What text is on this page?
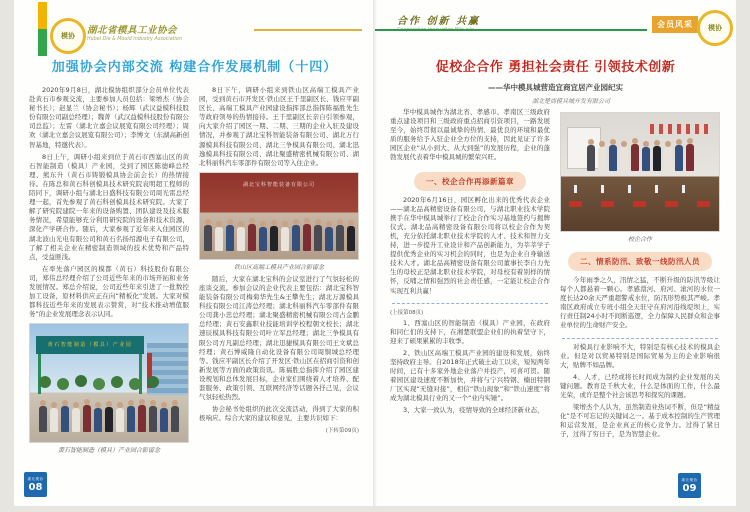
模协 湖北省模具工业协会
Hubei Die & Mould Industry Association
加强协会内部交流 构建合作发展机制（十四）

2020年9月8日，湖北模协组织部分会员单位代表赴黄石市参观交流，主要参加人员包括：梁增杰（协会秘书长）；赵显兰（协会秘书）；杨辉（武汉益模科技股份有限公司副总经理）；魏菁（武汉益模科技股份有限公司总监）；左雷（湖北立嘉会议展览有限公司经理）；周欢（湖北立嘉会议展览有限公司）；李博文（东湖高新创智基地，特邀代表）。

8日上午，调研小组来到位于黄石市西塞山区的黄石智能制造（模具）产业园，受到了园区陈德峰总经理、熊东升（黄石市铸锻模具协会前会长）的热情接待。在陈总和黄石科创模具技术研究院袁明超工程师的陪同下，调研小组与湖北日盛科技有限公司周光雷总经理一起，首先参观了黄石科创模具技术研究院。大家了解了研究院建院一年来的设备购置、团队建设及技术服务情况，希望能够充分利用研究院的设备和技术资源，深化产学研合作。随后，大家参观了近年来入住园区的湖北波山光电有限公司和黄石名扬绍源电子有限公司，了解了相关企业在精密制造领域的技术优势和产品特点，受益匪浅。

在率先落户园区的模都（黄石）科技股份有限公司，郑伟总经理介绍了公司近些年来的市场开拓和业务发展情况。郑总介绍说，公司近些年来引进了一批数控加工设备，原材料供应正在向“精板化”发展。大家对模都科技近些年来的发展表示赞赏，对“技术推动增值服务”的企业发展理念表示认同。

黄石智能制造（模具）产业园
黄石智能制造（模具）产业园合影留念

8日下午，调研小组来到铁山区高端工模具产业园，受到黄石市开发区·铁山区王千里副区长、钱应平副区长、高端工模具产业园建设指挥部总指挥陈福胜先生等政府领导的热情接待。王千里副区长亲自引领参观，向大家介绍了园区一期、二期、三期的企业入驻及建设情况，并参观了湖北宝科智能装备有限公司、湖北万行源模具科技有限公司、湖北三争模具有限公司、湖北迅逸模具科技有限公司、湖北聚盛精密机械有限公司、湖北科丽科汽车零部件有限公司等入住企业。

湖北宝科智能装备有限公司
铁山区高端工模具产业园合影留念

随后，大家在湖北宝科的会议室进行了气氛轻松的座谈交流。参加会议的企业代表主要包括：湖北宝科智能装备有限公司梅菊华先生&王攀先生；湖北万源模具科技有限公司江涛总经理；湖北科丽科汽车零部件有限公司龚小忠总经理；湖北聚盛精密机械有限公司占金鹏总经理；黄石安鑫职业技能培训学校程朝文校长；湖北速辰模具科技有限公司叶立军总经理；湖北三争模具有限公司方凡副总经理；湖北迅捷模具有限公司王文斌总经理；黄石博威隆自动化设备有限公司周铜城总经理等。钱应平副区长介绍了开发区·铁山区在招商引资和创新发展等方面的政策资讯。陈福胜总指挥介绍了园区建设规划和总体发展目标，企业家们围绕着人才培养、配套服务、政策引领、互联网经济等话题各抒己见，会议气氛轻松热烈。

协会秘书处组织的此次交流活动，得到了大家的积极响应。综合大家的建议和意见，主要共识如下：

(下转第09页)
湖北模协
08
合作 创新 共赢	会员风采	模协
促校企合作 勇担社会责任 引领技术创新
——华中模具城营造宜商宜居产业园纪实
湖北楚商模具城开发有限公司

华中模具城作为湖北省、孝感市、孝南区三级政府重点建设项目和三级政府重点招商引资项目，一路发展至今，始终贯彻以最诚挚的热情、最优良的环境和最优质的服务给予入驻企业全方位的支持，因此见证了许多园区企业“从小到大、从大到强”的发展历程，企业的蓬勃发展代表着华中模具城的繁荣兴旺。

一、校企合作再添新篇章

2020年6月16日，园区孵化出来的优秀代表企业——湖北品高精密设备有限公司，与湖北职业技术学院携手在华中模具城举行了校企合作实习基地签约与揭牌仪式。湖北品高精密设备有限公司将以校企合作为契机，充分依托湖北职业技术学院的人才、技术和智力支持，进一步提升工业设计和产品创新能力，为莘莘学子提供优秀企业的实习机会的同时，也是为企业自身输送技术人才。湖北品高精密设备有限公司董事长李自力先生的母校正是湖北职业技术学院，对母校有着别样的情怀，反哺之情和强烈的社会责任感，一定能让校企合作实现互利共赢！

(上接第08页)

1、西塞山区的智能制造（模具）产业园，在政府和同仁们的支持下，在湘楚联盟企业们的执着坚守下，迎来了硕果累累的丰收季。

2、铁山区高端工模具产业园的建设和发展，始终坚持政府主导。自2018年正式破土动工以来，短短两年时间，已有十多家外地企业落户并投产，可喜可贺。随着园区建设速度不断加快，并将与宁兴特钢、楠田特钢厂区实现“无缝对接”，相信“铁山现象”和“铁山速度”将成为湖北模具行业的又一个“业内实锤”。

3、大家一致认为，疫情导致的全球经济新业态，

校企合作
二、情系防汛、致敬一线防汛人员

今年雨季之久，汛情之猛，不断升级的防汛等级让每个人都悬着一颗心。孝感澴河、府河、滚河的水位一度长达20余天严重超警戒水位，防汛形势极其严峻。孝南区政府成立专班小组全天驻守在府河沿线堤坝上，实行责任制24小时不间断巡逻，全力保障人民群众和企事业单位的生命财产安全。

对模具行业影响不大，特别是有核心技术的模具企业。但是对以贸易特别是国际贸易为主的企业影响很大，贴牌不如品牌。

4、人才，已经或将长时间成为制约企业发展的关键问题。教育是千秋大业，什么是体面的工作，什么最光荣，或许是整个社会该思考和探究的课题。

梁增杰个人认为，虽然制造业热词不断，但是“精益化”是不可忘记的关键词之一。基于成本控制的生产管理和运营发展，是企业真正的核心竞争力。过得了紧日子，过得了穷日子，是为智慧企业。

湖北模协
09
